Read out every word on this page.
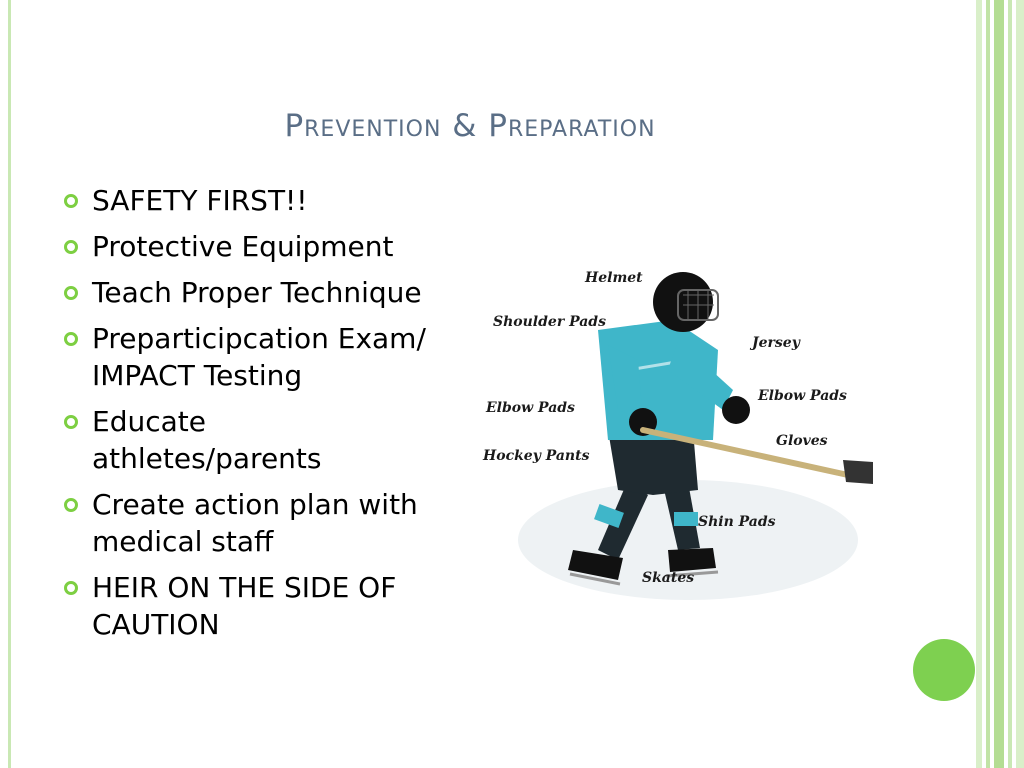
Prevention & Preparation
SAFETY FIRST!!
Protective Equipment
Teach Proper Technique
Preparticipcation Exam/ IMPACT Testing
Educate athletes/parents
Create action plan with medical staff
HEIR ON THE SIDE OF CAUTION
Helmet
Shoulder Pads
Jersey
Elbow Pads
Elbow Pads
Gloves
Hockey Pants
Shin Pads
Skates
